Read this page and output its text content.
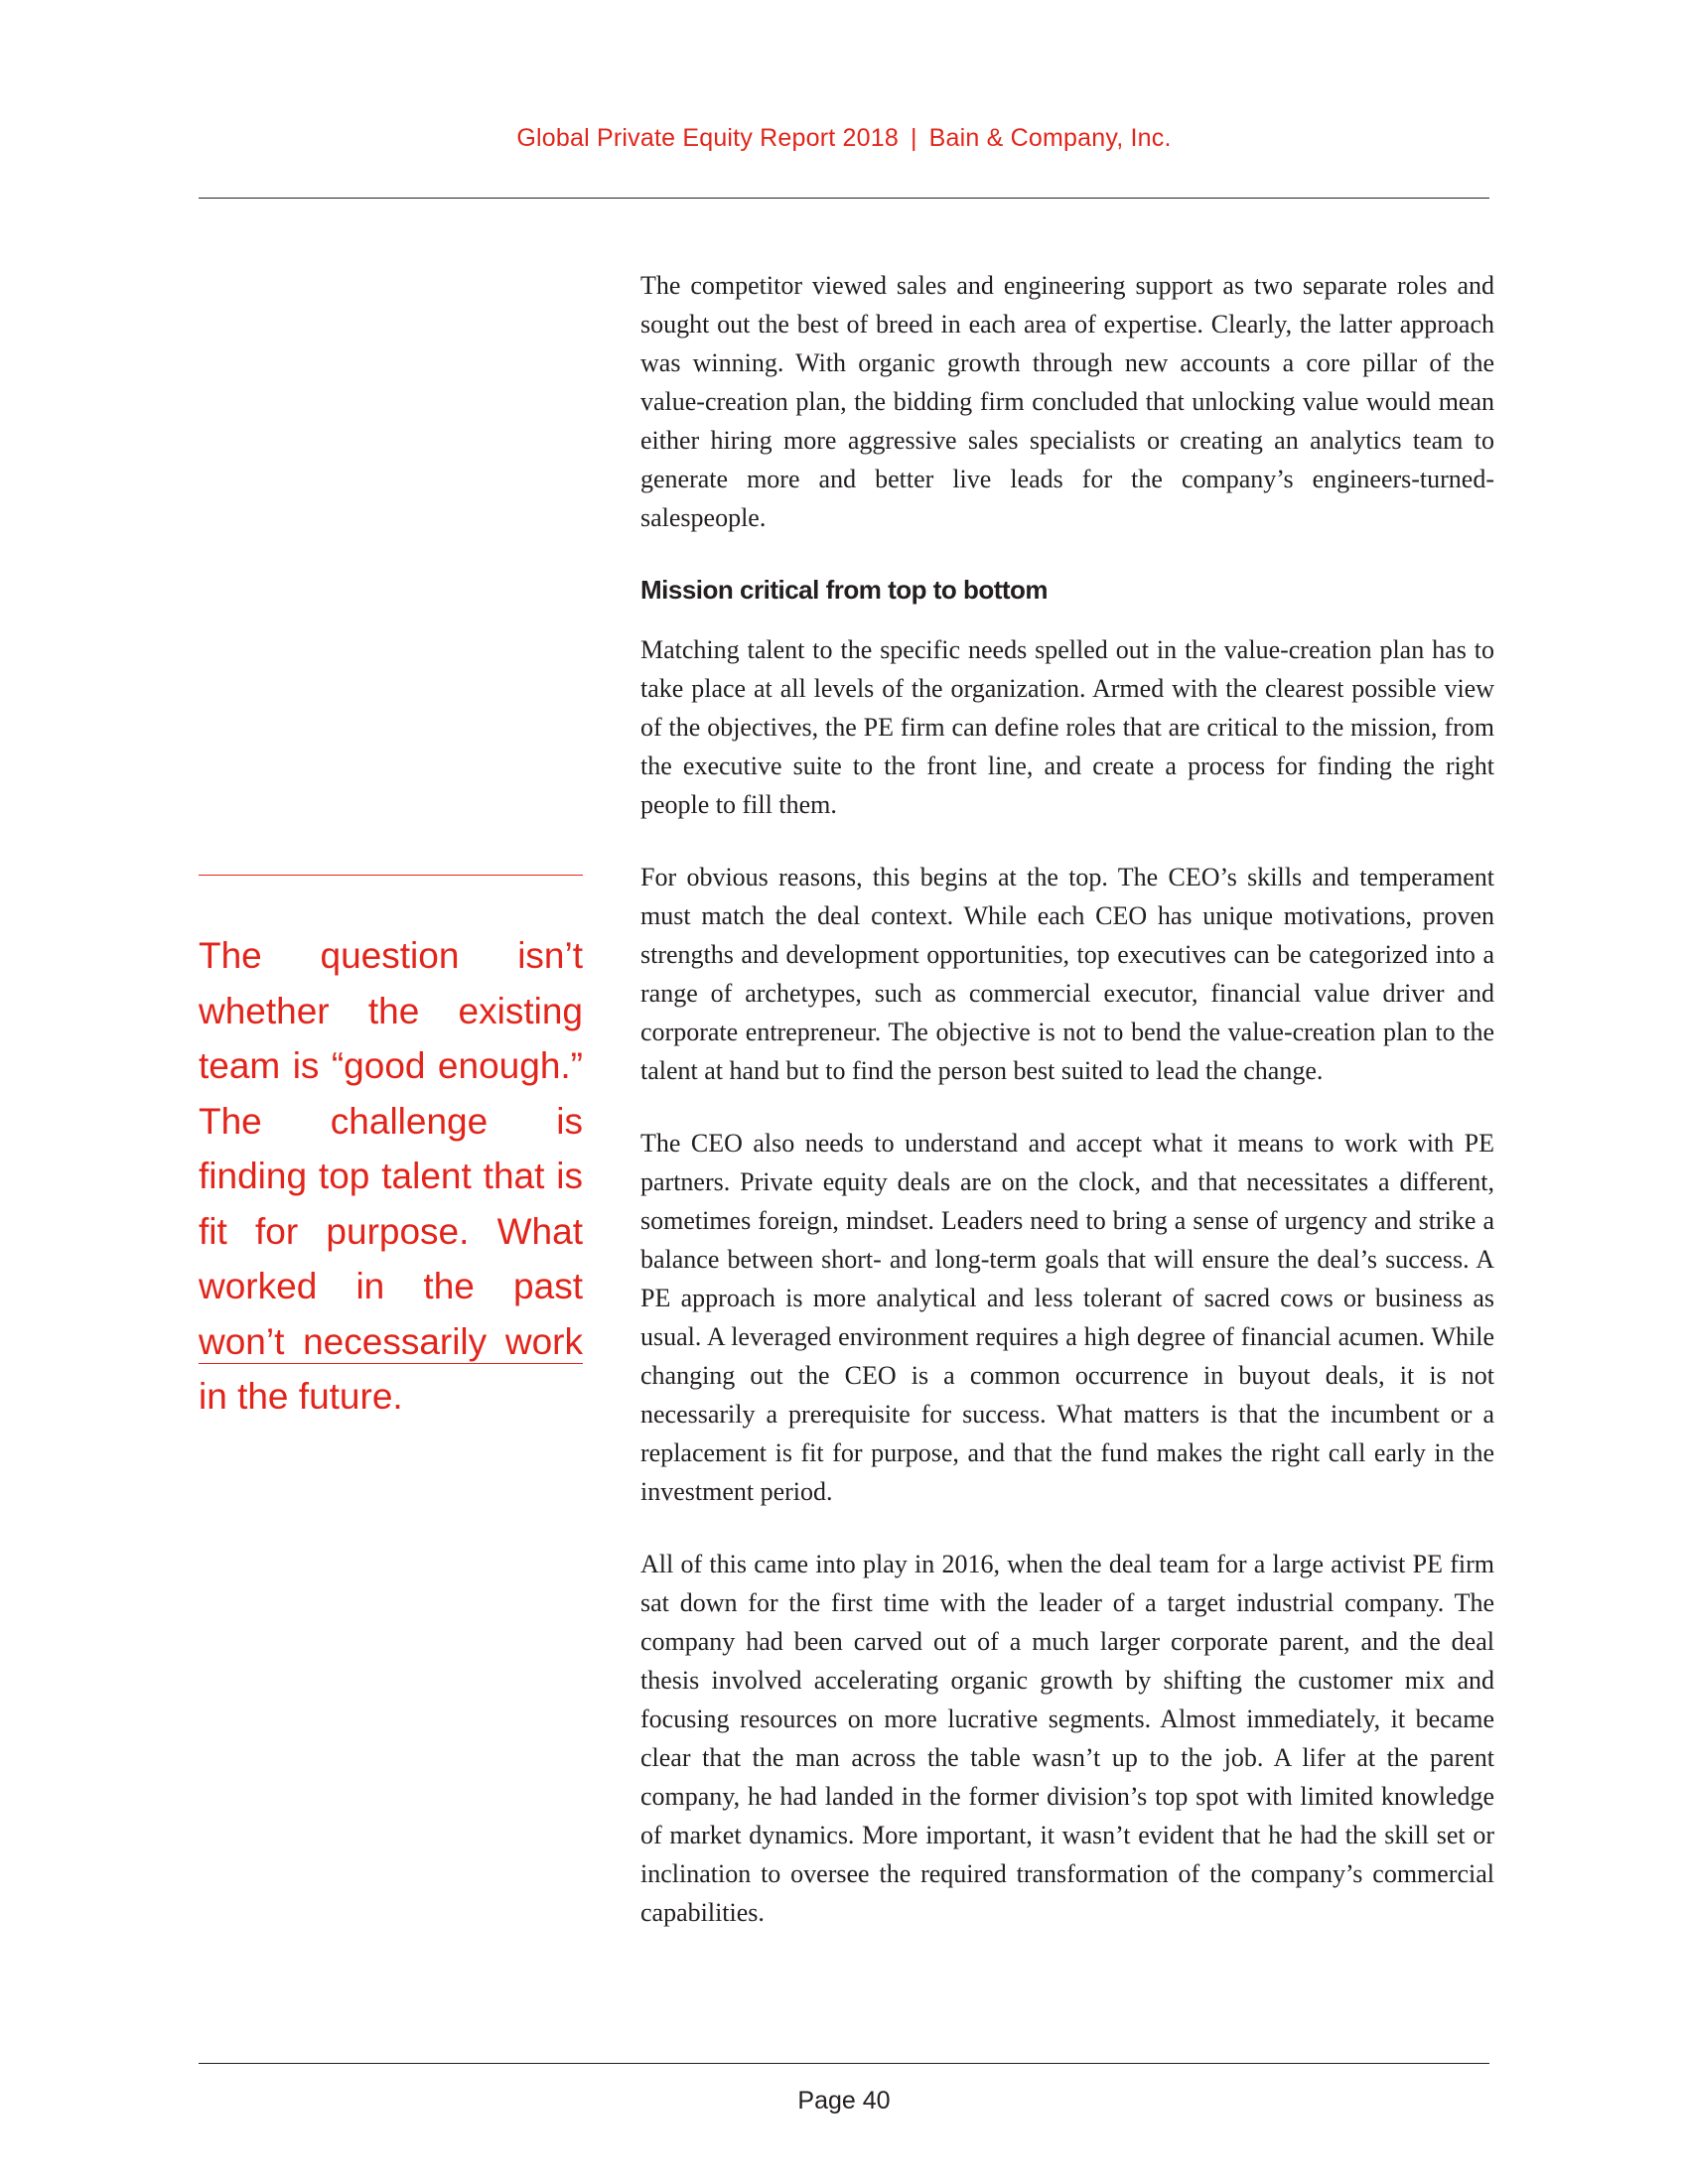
Global Private Equity Report 2018 | Bain & Company, Inc.
The question isn’t whether the existing team is “good enough.” The challenge is finding top talent that is fit for purpose. What worked in the past won’t necessarily work in the future.

The competitor viewed sales and engineering support as two separate roles and sought out the best of breed in each area of expertise. Clearly, the latter approach was winning. With organic growth through new accounts a core pillar of the value-creation plan, the bidding firm concluded that unlocking value would mean either hiring more aggressive sales specialists or creating an analytics team to generate more and better live leads for the company’s engineers-turned-salespeople.

Mission critical from top to bottom

Matching talent to the specific needs spelled out in the value-creation plan has to take place at all levels of the organization. Armed with the clearest possible view of the objectives, the PE firm can define roles that are critical to the mission, from the executive suite to the front line, and create a process for finding the right people to fill them.

For obvious reasons, this begins at the top. The CEO’s skills and temperament must match the deal context. While each CEO has unique motivations, proven strengths and development opportunities, top executives can be categorized into a range of archetypes, such as commercial executor, financial value driver and corporate entrepreneur. The objective is not to bend the value-creation plan to the talent at hand but to find the person best suited to lead the change.

The CEO also needs to understand and accept what it means to work with PE partners. Private equity deals are on the clock, and that necessitates a different, sometimes foreign, mindset. Leaders need to bring a sense of urgency and strike a balance between short- and long-term goals that will ensure the deal’s success. A PE approach is more analytical and less tolerant of sacred cows or business as usual. A leveraged environment requires a high degree of financial acumen. While changing out the CEO is a common occurrence in buyout deals, it is not necessarily a prerequisite for success. What matters is that the incumbent or a replacement is fit for purpose, and that the fund makes the right call early in the investment period.

All of this came into play in 2016, when the deal team for a large activist PE firm sat down for the first time with the leader of a target industrial company. The company had been carved out of a much larger corporate parent, and the deal thesis involved accelerating organic growth by shifting the customer mix and focusing resources on more lucrative segments. Almost immediately, it became clear that the man across the table wasn’t up to the job. A lifer at the parent company, he had landed in the former division’s top spot with limited knowledge of market dynamics. More important, it wasn’t evident that he had the skill set or inclination to oversee the required transformation of the company’s commercial capabilities.

Page 40
